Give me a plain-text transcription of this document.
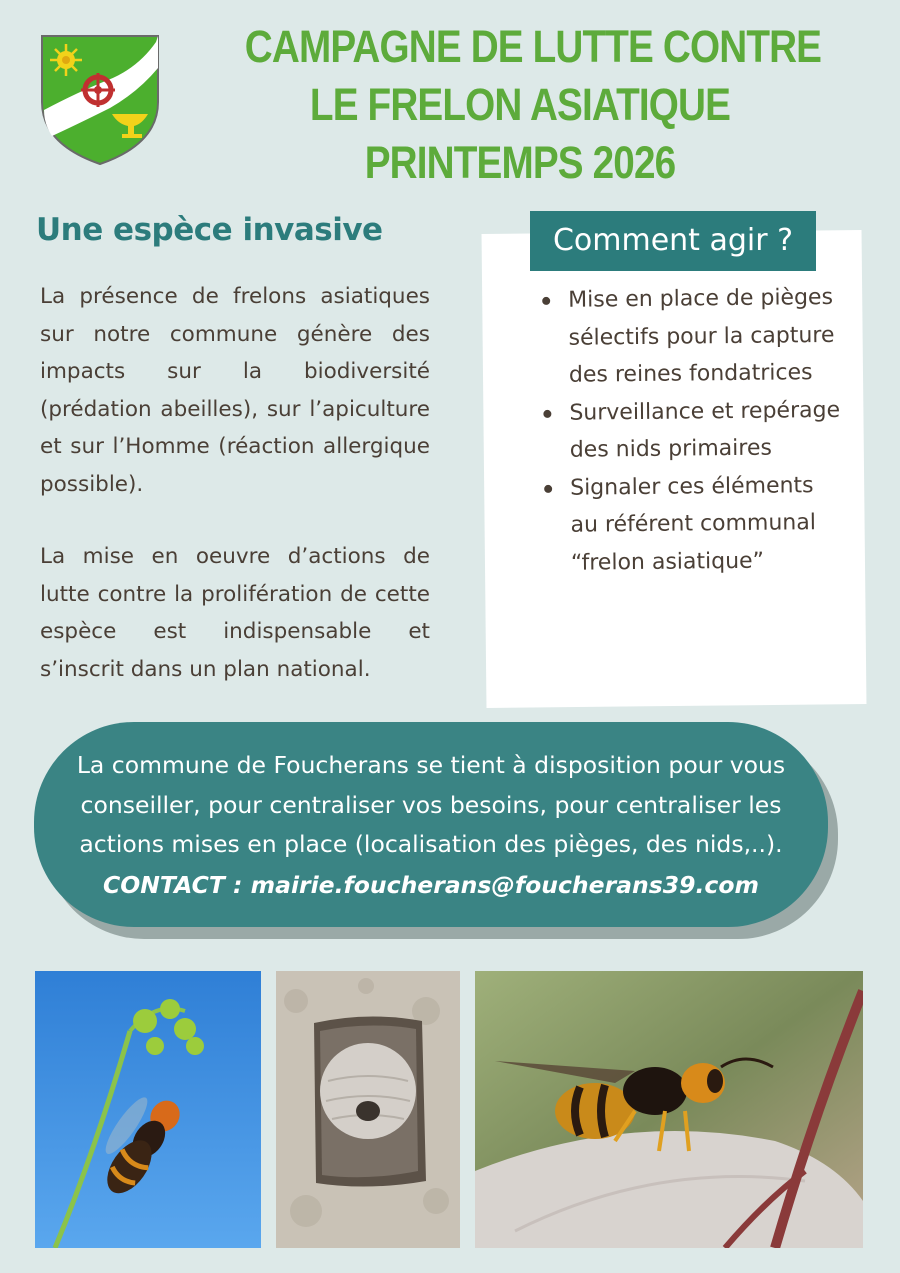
CAMPAGNE DE LUTTE CONTRE
LE FRELON ASIATIQUE
PRINTEMPS 2026
Une espèce invasive

La présence de frelons asiatiques sur notre commune génère des impacts sur la biodiversité (prédation abeilles), sur l’apiculture et sur l’Homme (réaction allergique possible).

La mise en oeuvre d’actions de lutte contre la prolifération de cette espèce est indispensable et s’inscrit dans un plan national.

Comment agir ?
Mise en place de pièges sélectifs pour la capture des reines fondatrices
Surveillance et repérage des nids primaires
Signaler ces éléments au référent communal “frelon asiatique”

La commune de Foucherans se tient à disposition pour vous conseiller, pour centraliser vos besoins, pour centraliser les actions mises en place (localisation des pièges, des nids,..).

CONTACT : mairie.foucherans@foucherans39.com
